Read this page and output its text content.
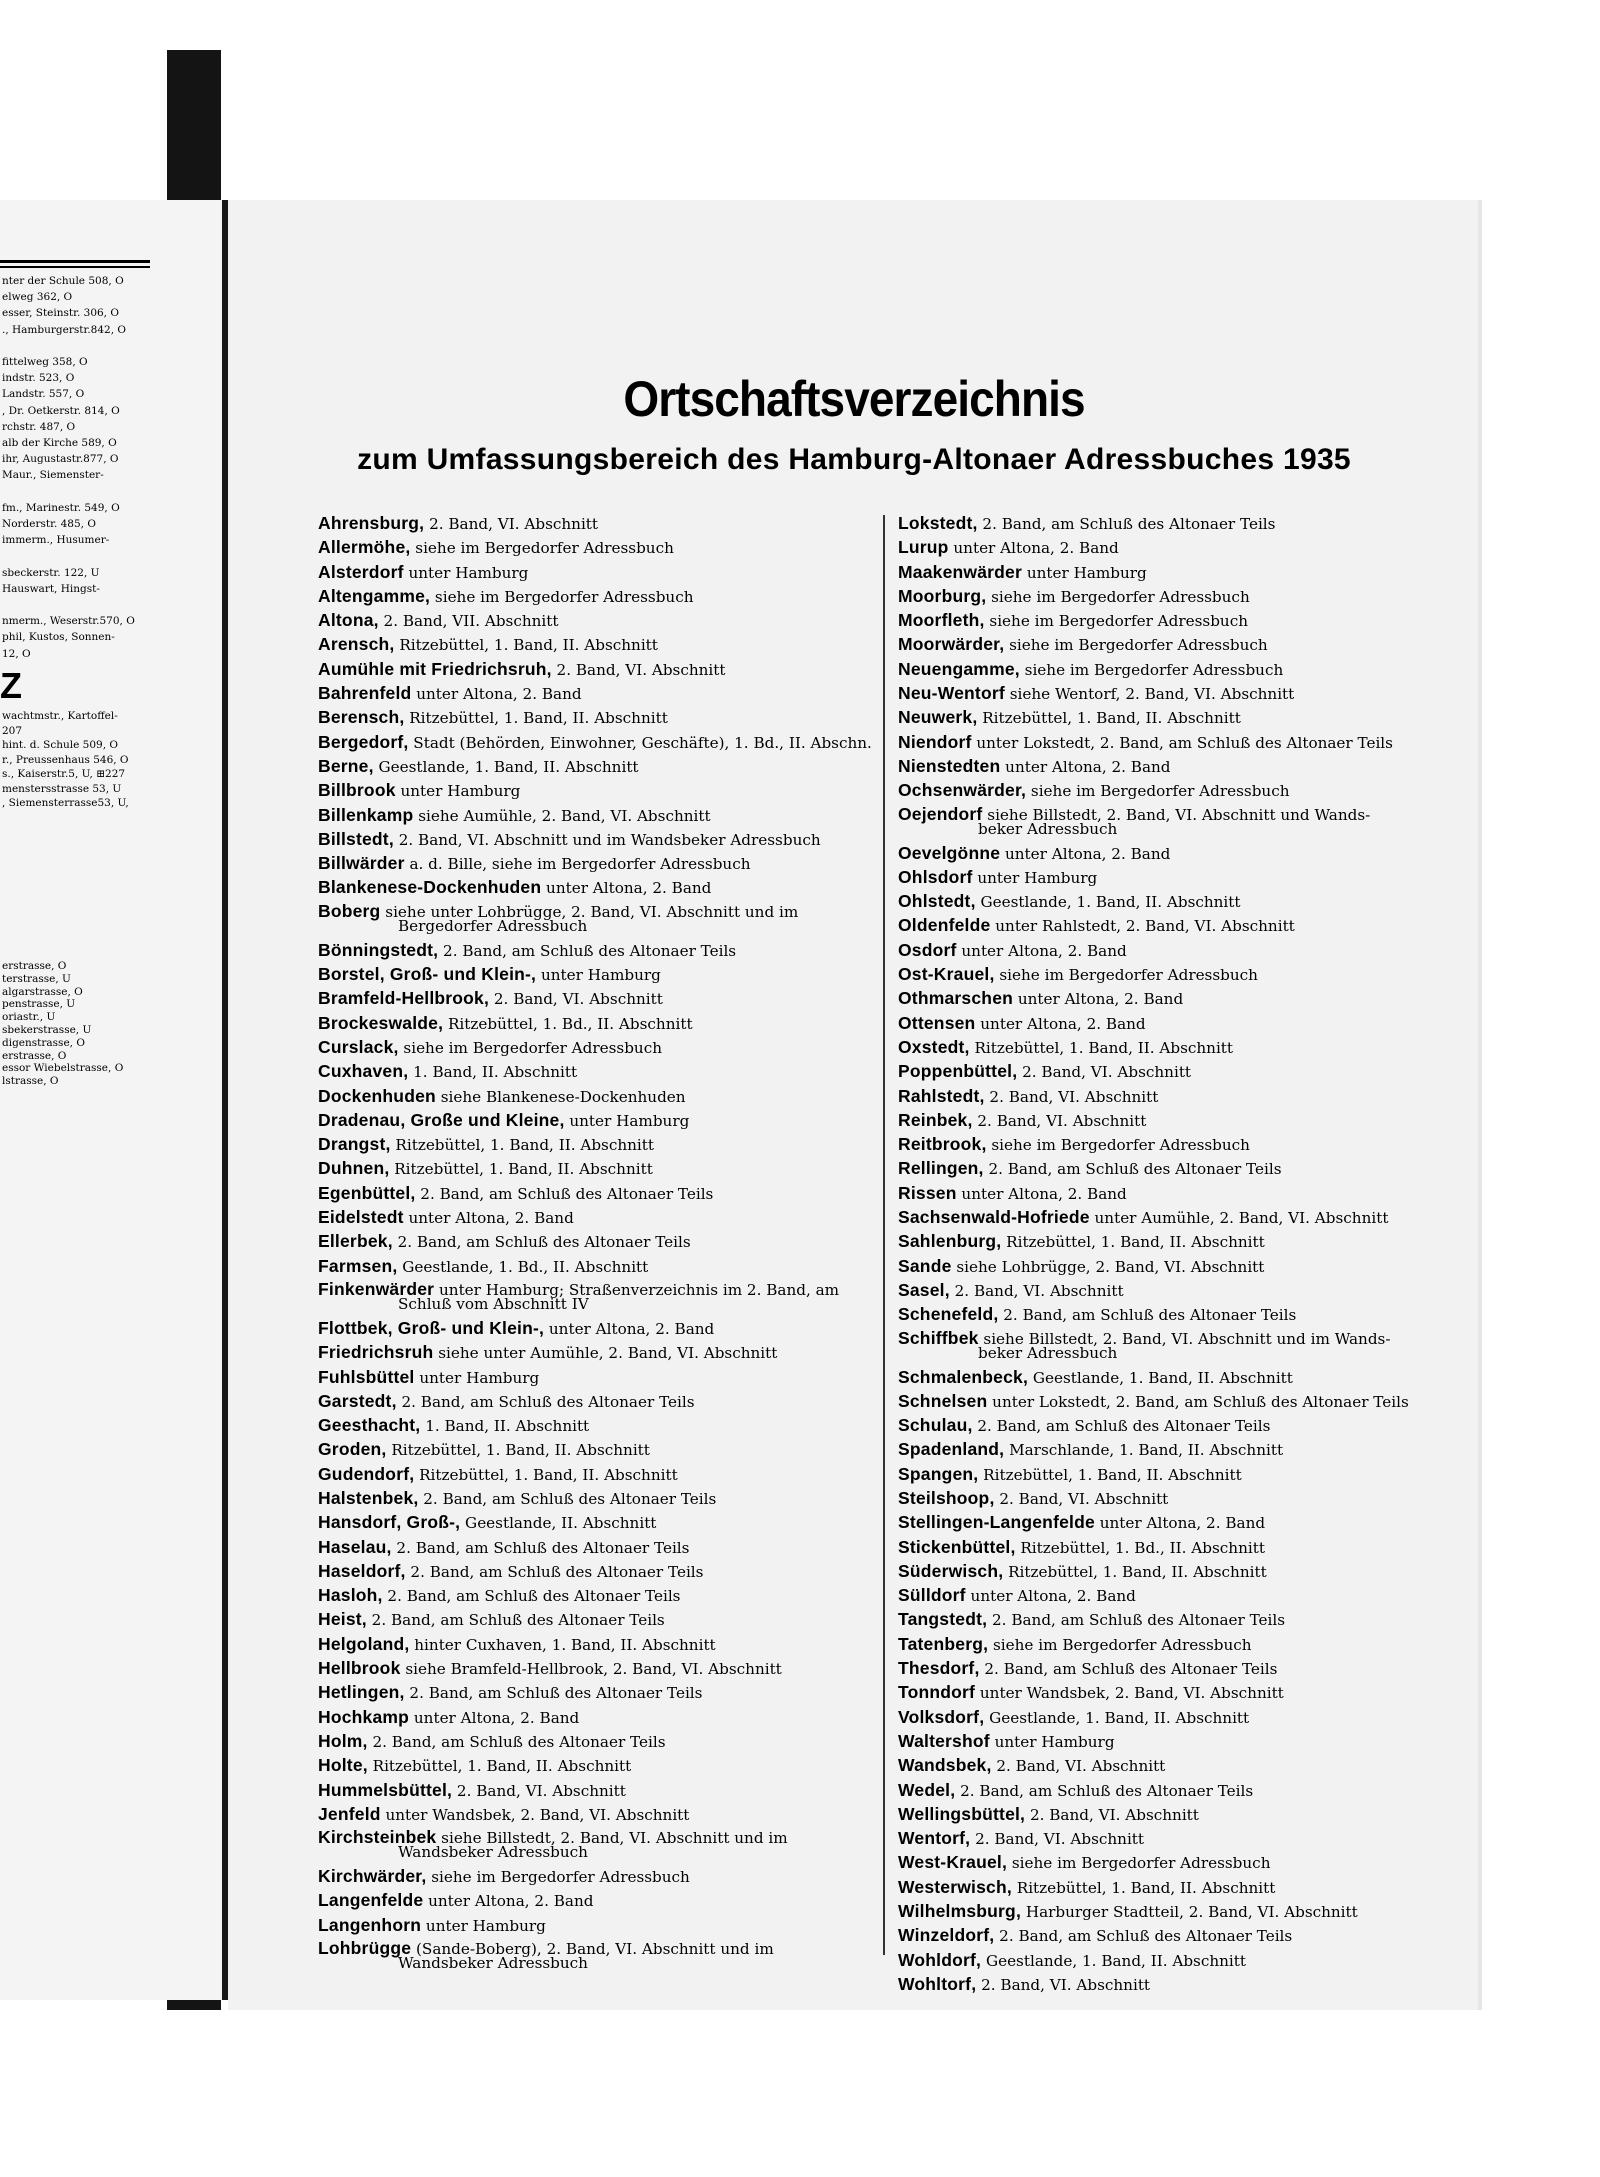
nter der Schule 508, O
elweg 362, O
esser, Steinstr. 306, O
., Hamburgerstr.842, O
fittelweg 358, O
indstr. 523, O
Landstr. 557, O
, Dr. Oetkerstr. 814, O
rchstr. 487, O
alb der Kirche 589, O
ihr, Augustastr.877, O
Maur., Siemenster-
fm., Marinestr. 549, O
Norderstr. 485, O
immerm., Husumer-
sbeckerstr. 122, U
Hauswart, Hingst-
nmerm., Weserstr.570, O
phil, Kustos, Sonnen-
12, O
wachtmstr., Kartoffel-
207
hint. d. Schule 509, O
r., Preussenhaus 546, O
s., Kaiserstr.5, U, ⊞227
menstersstrasse 53, U
, Siemensterrasse53, U,
erstrasse, O
terstrasse, U
algarstrasse, O
penstrasse, U
oriastr., U
sbekerstrasse, U
digenstrasse, O
erstrasse, O
essor Wiebelstrasse, O
lstrasse, O
Z
Ortschaftsverzeichnis
zum Umfassungsbereich des Hamburg-Altonaer Adressbuches 1935
Ahrensburg, 2. Band, VI. Abschnitt
Allermöhe, siehe im Bergedorfer Adressbuch
Alsterdorf unter Hamburg
Altengamme, siehe im Bergedorfer Adressbuch
Altona, 2. Band, VII. Abschnitt
Arensch, Ritzebüttel, 1. Band, II. Abschnitt
Aumühle mit Friedrichsruh, 2. Band, VI. Abschnitt
Bahrenfeld unter Altona, 2. Band
Berensch, Ritzebüttel, 1. Band, II. Abschnitt
Bergedorf, Stadt (Behörden, Einwohner, Geschäfte), 1. Bd., II. Abschn.
Berne, Geestlande, 1. Band, II. Abschnitt
Billbrook unter Hamburg
Billenkamp siehe Aumühle, 2. Band, VI. Abschnitt
Billstedt, 2. Band, VI. Abschnitt und im Wandsbeker Adressbuch
Billwärder a. d. Bille, siehe im Bergedorfer Adressbuch
Blankenese-Dockenhuden unter Altona, 2. Band
Boberg siehe unter Lohbrügge, 2. Band, VI. Abschnitt und im
Bergedorfer Adressbuch
Bönningstedt, 2. Band, am Schluß des Altonaer Teils
Borstel, Groß- und Klein-, unter Hamburg
Bramfeld-Hellbrook, 2. Band, VI. Abschnitt
Brockeswalde, Ritzebüttel, 1. Bd., II. Abschnitt
Curslack, siehe im Bergedorfer Adressbuch
Cuxhaven, 1. Band, II. Abschnitt
Dockenhuden siehe Blankenese-Dockenhuden
Dradenau, Große und Kleine, unter Hamburg
Drangst, Ritzebüttel, 1. Band, II. Abschnitt
Duhnen, Ritzebüttel, 1. Band, II. Abschnitt
Egenbüttel, 2. Band, am Schluß des Altonaer Teils
Eidelstedt unter Altona, 2. Band
Ellerbek, 2. Band, am Schluß des Altonaer Teils
Farmsen, Geestlande, 1. Bd., II. Abschnitt
Finkenwärder unter Hamburg; Straßenverzeichnis im 2. Band, am
Schluß vom Abschnitt IV
Flottbek, Groß- und Klein-, unter Altona, 2. Band
Friedrichsruh siehe unter Aumühle, 2. Band, VI. Abschnitt
Fuhlsbüttel unter Hamburg
Garstedt, 2. Band, am Schluß des Altonaer Teils
Geesthacht, 1. Band, II. Abschnitt
Groden, Ritzebüttel, 1. Band, II. Abschnitt
Gudendorf, Ritzebüttel, 1. Band, II. Abschnitt
Halstenbek, 2. Band, am Schluß des Altonaer Teils
Hansdorf, Groß-, Geestlande, II. Abschnitt
Haselau, 2. Band, am Schluß des Altonaer Teils
Haseldorf, 2. Band, am Schluß des Altonaer Teils
Hasloh, 2. Band, am Schluß des Altonaer Teils
Heist, 2. Band, am Schluß des Altonaer Teils
Helgoland, hinter Cuxhaven, 1. Band, II. Abschnitt
Hellbrook siehe Bramfeld-Hellbrook, 2. Band, VI. Abschnitt
Hetlingen, 2. Band, am Schluß des Altonaer Teils
Hochkamp unter Altona, 2. Band
Holm, 2. Band, am Schluß des Altonaer Teils
Holte, Ritzebüttel, 1. Band, II. Abschnitt
Hummelsbüttel, 2. Band, VI. Abschnitt
Jenfeld unter Wandsbek, 2. Band, VI. Abschnitt
Kirchsteinbek siehe Billstedt, 2. Band, VI. Abschnitt und im
Wandsbeker Adressbuch
Kirchwärder, siehe im Bergedorfer Adressbuch
Langenfelde unter Altona, 2. Band
Langenhorn unter Hamburg
Lohbrügge (Sande-Boberg), 2. Band, VI. Abschnitt und im
Wandsbeker Adressbuch
Lokstedt, 2. Band, am Schluß des Altonaer Teils
Lurup unter Altona, 2. Band
Maakenwärder unter Hamburg
Moorburg, siehe im Bergedorfer Adressbuch
Moorfleth, siehe im Bergedorfer Adressbuch
Moorwärder, siehe im Bergedorfer Adressbuch
Neuengamme, siehe im Bergedorfer Adressbuch
Neu-Wentorf siehe Wentorf, 2. Band, VI. Abschnitt
Neuwerk, Ritzebüttel, 1. Band, II. Abschnitt
Niendorf unter Lokstedt, 2. Band, am Schluß des Altonaer Teils
Nienstedten unter Altona, 2. Band
Ochsenwärder, siehe im Bergedorfer Adressbuch
Oejendorf siehe Billstedt, 2. Band, VI. Abschnitt und Wands-
beker Adressbuch
Oevelgönne unter Altona, 2. Band
Ohlsdorf unter Hamburg
Ohlstedt, Geestlande, 1. Band, II. Abschnitt
Oldenfelde unter Rahlstedt, 2. Band, VI. Abschnitt
Osdorf unter Altona, 2. Band
Ost-Krauel, siehe im Bergedorfer Adressbuch
Othmarschen unter Altona, 2. Band
Ottensen unter Altona, 2. Band
Oxstedt, Ritzebüttel, 1. Band, II. Abschnitt
Poppenbüttel, 2. Band, VI. Abschnitt
Rahlstedt, 2. Band, VI. Abschnitt
Reinbek, 2. Band, VI. Abschnitt
Reitbrook, siehe im Bergedorfer Adressbuch
Rellingen, 2. Band, am Schluß des Altonaer Teils
Rissen unter Altona, 2. Band
Sachsenwald-Hofriede unter Aumühle, 2. Band, VI. Abschnitt
Sahlenburg, Ritzebüttel, 1. Band, II. Abschnitt
Sande siehe Lohbrügge, 2. Band, VI. Abschnitt
Sasel, 2. Band, VI. Abschnitt
Schenefeld, 2. Band, am Schluß des Altonaer Teils
Schiffbek siehe Billstedt, 2. Band, VI. Abschnitt und im Wands-
beker Adressbuch
Schmalenbeck, Geestlande, 1. Band, II. Abschnitt
Schnelsen unter Lokstedt, 2. Band, am Schluß des Altonaer Teils
Schulau, 2. Band, am Schluß des Altonaer Teils
Spadenland, Marschlande, 1. Band, II. Abschnitt
Spangen, Ritzebüttel, 1. Band, II. Abschnitt
Steilshoop, 2. Band, VI. Abschnitt
Stellingen-Langenfelde unter Altona, 2. Band
Stickenbüttel, Ritzebüttel, 1. Bd., II. Abschnitt
Süderwisch, Ritzebüttel, 1. Band, II. Abschnitt
Sülldorf unter Altona, 2. Band
Tangstedt, 2. Band, am Schluß des Altonaer Teils
Tatenberg, siehe im Bergedorfer Adressbuch
Thesdorf, 2. Band, am Schluß des Altonaer Teils
Tonndorf unter Wandsbek, 2. Band, VI. Abschnitt
Volksdorf, Geestlande, 1. Band, II. Abschnitt
Waltershof unter Hamburg
Wandsbek, 2. Band, VI. Abschnitt
Wedel, 2. Band, am Schluß des Altonaer Teils
Wellingsbüttel, 2. Band, VI. Abschnitt
Wentorf, 2. Band, VI. Abschnitt
West-Krauel, siehe im Bergedorfer Adressbuch
Westerwisch, Ritzebüttel, 1. Band, II. Abschnitt
Wilhelmsburg, Harburger Stadtteil, 2. Band, VI. Abschnitt
Winzeldorf, 2. Band, am Schluß des Altonaer Teils
Wohldorf, Geestlande, 1. Band, II. Abschnitt
Wohltorf, 2. Band, VI. Abschnitt
